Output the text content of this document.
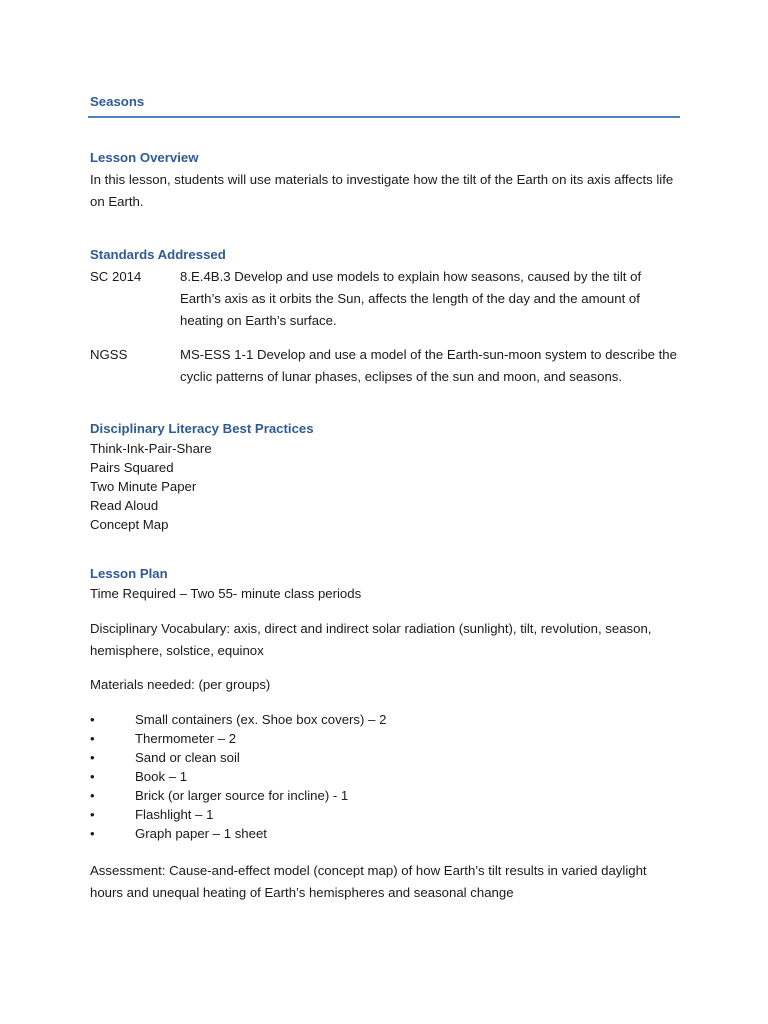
Seasons
Lesson Overview
In this lesson, students will use materials to investigate how the tilt of the Earth on its axis affects life on Earth.
Standards Addressed
SC 2014	8.E.4B.3 Develop and use models to explain how seasons, caused by the tilt of Earth’s axis as it orbits the Sun, affects the length of the day and the amount of heating on Earth’s surface.
NGSS	MS-ESS 1-1 Develop and use a model of the Earth-sun-moon system to describe the cyclic patterns of lunar phases, eclipses of the sun and moon, and seasons.
Disciplinary Literacy Best Practices
Think-Ink-Pair-Share
Pairs Squared
Two Minute Paper
Read Aloud
Concept Map
Lesson Plan
Time Required – Two 55- minute class periods
Disciplinary Vocabulary: axis, direct and indirect solar radiation (sunlight), tilt, revolution, season, hemisphere, solstice, equinox
Materials needed: (per groups)
•	Small containers (ex. Shoe box covers) – 2
•	Thermometer – 2
•	Sand or clean soil
•	Book – 1
•	Brick (or larger source for incline) - 1
•	Flashlight – 1
•	Graph paper – 1 sheet
Assessment: Cause-and-effect model (concept map) of how Earth’s tilt results in varied daylight hours and unequal heating of Earth’s hemispheres and seasonal change
